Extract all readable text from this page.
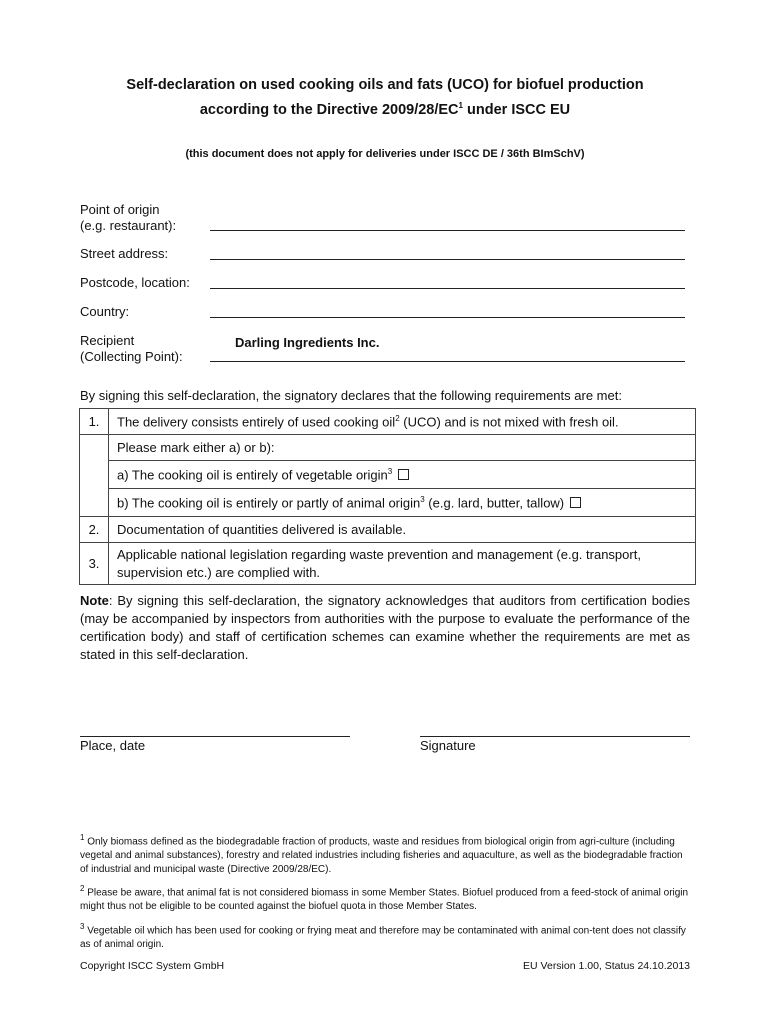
Self-declaration on used cooking oils and fats (UCO) for biofuel production
according to the Directive $2009/28/EC^1$ under ISCC EU
(this document does not apply for deliveries under ISCC DE / 36th BImSchV)
Point of origin
(e.g. restaurant):
Street address:
Postcode, location:
Country:
Recipient
(Collecting Point):
Darling Ingredients Inc.
By signing this self-declaration, the signatory declares that the following requirements are met:
1.	The delivery consists entirely of used cooking oil$^2$ (UCO) and is not mixed with fresh oil.
	Please mark either a) or b):
	a) The cooking oil is entirely of vegetable origin$^3$
	b) The cooking oil is entirely or partly of animal origin$^3$ (e.g. lard, butter, tallow)
2.	Documentation of quantities delivered is available.
3.	Applicable national legislation regarding waste prevention and management (e.g. transport,
supervision etc.) are complied with.
Note: By signing this self-declaration, the signatory acknowledges that auditors from certification bodies (may be accompanied by inspectors from authorities with the purpose to evaluate the performance of the certification body) and staff of certification schemes can examine whether the requirements are met as stated in this self-declaration.
Place, date	Signature
$^1$ Only biomass defined as the biodegradable fraction of products, waste and residues from biological origin from agri-culture (including vegetal and animal substances), forestry and related industries including fisheries and aquaculture, as well as the biodegradable fraction of industrial and municipal waste (Directive 2009/28/EC).
$^2$ Please be aware, that animal fat is not considered biomass in some Member States. Biofuel produced from a feed-stock of animal origin might thus not be eligible to be counted against the biofuel quota in those Member States.
$^3$ Vegetable oil which has been used for cooking or frying meat and therefore may be contaminated with animal con-tent does not classify as of animal origin.
Copyright ISCC System GmbH	EU Version 1.00, Status 24.10.2013
